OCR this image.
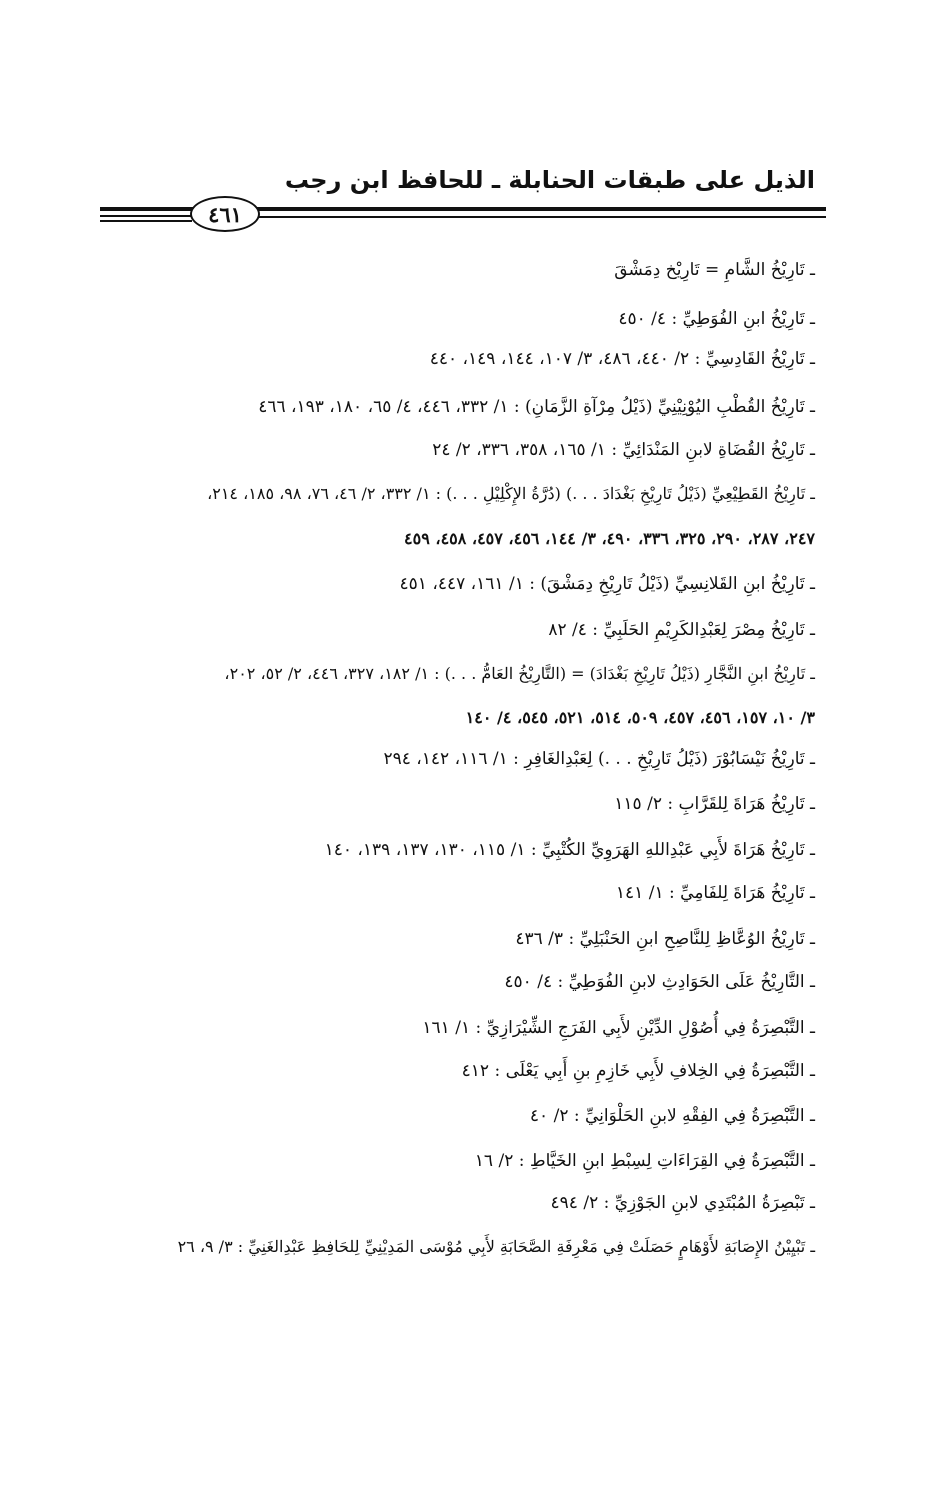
الذيل على طبقات الحنابلة ـ للحافظ ابن رجب
٤٦١
ـ تَارِيْخُ الشَّامِ = تَارِيْخ دِمَشْقَ
ـ تَارِيْخُ ابنِ الفُوَطِيِّ : ٤/ ٤٥٠
ـ تَارِيْخُ القَادِسِيِّ : ٢/ ٤٤٠، ٤٨٦، ٣/ ١٠٧، ١٤٤، ١٤٩، ٤٤٠
ـ تَارِيْخُ القُطْبِ اليُوْنِيْنِيِّ (ذَيْلُ مِرْآةِ الزَّمَانِ) : ١/ ٣٣٢، ٤٤٦، ٤/ ٦٥، ١٨٠، ١٩٣، ٤٦٦
ـ تَارِيْخُ القُضَاةِ لابنِ المَنْدَائِيِّ : ١/ ١٦٥، ٣٥٨، ٣٣٦، ٢/ ٢٤
ـ تَارِيْخُ القَطِيْعِيِّ (ذَيْلُ تَارِيْخِ بَغْدَادَ . . .) (دُرَّةُ الإِكْلِيْلِ . . .) : ١/ ٣٣٢، ٢/ ٤٦، ٧٦، ٩٨، ١٨٥، ٢١٤،
٢٤٧، ٢٨٧، ٢٩٠، ٣٢٥، ٣٣٦، ٤٩٠، ٣/ ١٤٤، ٤٥٦، ٤٥٧، ٤٥٨، ٤٥٩
ـ تَارِيْخُ ابنِ القَلانِسِيِّ (ذَيْلُ تَارِيْخِ دِمَشْقَ) : ١/ ١٦١، ٤٤٧، ٤٥١
ـ تَارِيْخُ مِصْرَ لِعَبْدِالكَرِيْمِ الحَلَبِيِّ : ٤/ ٨٢
ـ تَارِيْخُ ابنِ النَّجَّارِ (ذَيْلُ تَارِيْخِ بَغْدَادَ) = (التَّارِيْخُ العَامُّ . . .) : ١/ ١٨٢، ٣٢٧، ٤٤٦، ٢/ ٥٢، ٢٠٢،
٣/ ١٠، ١٥٧، ٤٥٦، ٤٥٧، ٥٠٩، ٥١٤، ٥٢١، ٥٤٥، ٤/ ١٤٠
ـ تَارِيْخُ نَيْسَابُوْرَ (ذَيْلُ تَارِيْخِ . . .) لِعَبْدِالغَافِرِ : ١/ ١١٦، ١٤٢، ٢٩٤
ـ تَارِيْخُ هَرَاةَ لِلقَرَّابِ : ٢/ ١١٥
ـ تَارِيْخُ هَرَاةَ لأَبِي عَبْدِاللهِ الهَرَوِيِّ الكُتْبِيِّ : ١/ ١١٥، ١٣٠، ١٣٧، ١٣٩، ١٤٠
ـ تَارِيْخُ هَرَاةَ لِلفَامِيِّ : ١/ ١٤١
ـ تَارِيْخُ الوُعَّاظِ لِلنَّاصِحِ ابنِ الحَنْبَلِيِّ : ٣/ ٤٣٦
ـ التَّارِيْخُ عَلَى الحَوَادِثِ لابنِ الفُوَطِيِّ : ٤/ ٤٥٠
ـ التَّبْصِرَةُ فِي أُصُوْلِ الدِّيْنِ لأَبِي الفَرَجِ الشِّيْرَازِيِّ : ١/ ١٦١
ـ التَّبْصِرَةُ فِي الخِلافِ لأَبِي خَازِمِ بنِ أَبِي يَعْلَى : ٤١٢
ـ التَّبْصِرَةُ فِي الفِقْهِ لابنِ الحَلْوَانِيِّ : ٢/ ٤٠
ـ التَّبْصِرَةُ فِي القِرَاءَاتِ لِسِبْطِ ابنِ الخَيَّاطِ : ٢/ ١٦
ـ تَبْصِرَةُ المُبْتَدِي لابنِ الجَوْزِيِّ : ٢/ ٤٩٤
ـ تَبْيِيْنُ الإِصَابَةِ لأَوْهَامٍ حَصَلَتْ فِي مَعْرِفَةِ الصَّحَابَةِ لأَبِي مُوْسَى المَدِيْنِيِّ لِلحَافِظِ عَبْدِالغَنِيِّ : ٣/ ٩، ٢٦
